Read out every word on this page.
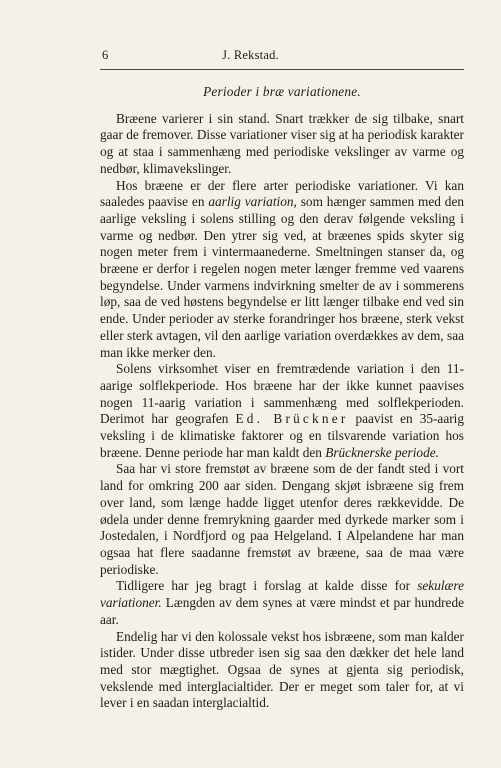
6	J. Rekstad.
Perioder i bræ variationene.

Bræene varierer i sin stand. Snart trækker de sig tilbake, snart gaar de fremover. Disse variationer viser sig at ha periodisk karakter og at staa i sammenhæng med periodiske vekslinger av varme og nedbør, klimavekslinger.

Hos bræene er der flere arter periodiske variationer. Vi kan saaledes paavise en aarlig variation, som hænger sammen med den aarlige veksling i solens stilling og den derav følgende veksling i varme og nedbør. Den ytrer sig ved, at bræenes spids skyter sig nogen meter frem i vintermaanederne. Smeltningen stanser da, og bræene er derfor i regelen nogen meter længer fremme ved vaarens begyndelse. Under varmens indvirkning smelter de av i sommerens løp, saa de ved høstens begyndelse er litt længer tilbake end ved sin ende. Under perioder av sterke forandringer hos bræene, sterk vekst eller sterk avtagen, vil den aarlige variation overdækkes av dem, saa man ikke merker den.

Solens virksomhet viser en fremtrædende variation i den 11-aarige solflekperiode. Hos bræene har der ikke kunnet paavises nogen 11-aarig variation i sammenhæng med solflekperioden. Derimot har geografen Ed. Brückner paavist en 35-aarig veksling i de klimatiske faktorer og en tilsvarende variation hos bræene. Denne periode har man kaldt den Brücknerske periode.

Saa har vi store fremstøt av bræene som de der fandt sted i vort land for omkring 200 aar siden. Dengang skjøt isbræene sig frem over land, som længe hadde ligget utenfor deres rækkevidde. De ødela under denne fremrykning gaarder med dyrkede marker som i Jostedalen, i Nordfjord og paa Helgeland. I Alpelandene har man ogsaa hat flere saadanne fremstøt av bræene, saa de maa være periodiske.

Tidligere har jeg bragt i forslag at kalde disse for sekulære variationer. Længden av dem synes at være mindst et par hundrede aar.

Endelig har vi den kolossale vekst hos isbræene, som man kalder istider. Under disse utbreder isen sig saa den dækker det hele land med stor mægtighet. Ogsaa de synes at gjenta sig periodisk, vekslende med interglacialtider. Der er meget som taler for, at vi lever i en saadan interglacialtid.
